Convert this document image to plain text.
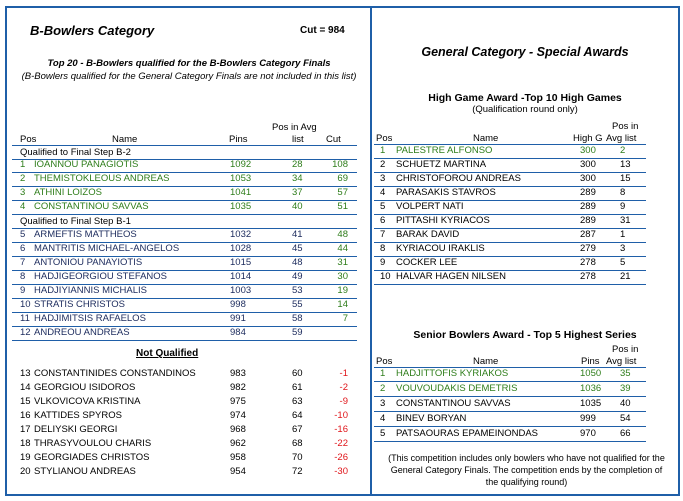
B-Bowlers Category	Cut = 984
Top 20 - B-Bowlers qualified for the B-Bowlers Category Finals
(B-Bowlers qualified for the General Category Finals are not included in this list)
Pos in Avg
Pos	Name	Pins	list Cut
Qualified to Final Step B-2
1 IOANNOU PANAGIOTIS	1092	28	108
2 THEMISTOKLEOUS ANDREAS	1053	34	69
3 ATHINI LOIZOS	1041	37	57
4 CONSTANTINOU SAVVAS	1035	40	51
Qualified to Final Step B-1
5 ARMEFTIS MATTHEOS	1032	41	48
6 MANTRITIS MICHAEL-ANGELOS	1028	45	44
7 ANTONIOU PANAYIOTIS	1015	48	31
8 HADJIGEORGIOU STEFANOS	1014	49	30
9 HADJIYIANNIS MICHALIS	1003	53	19
10 STRATIS CHRISTOS	998	55	14
11 HADJIMITSIS RAFAELOS	991	58	7
12 ANDREOU ANDREAS	984	59
Not Qualified
13 CONSTANTINIDES CONSTANDINOS	983	60	-1
14 GEORGIOU ISIDOROS	982	61	-2
15 VLKOVICOVA KRISTINA	975	63	-9
16 KATTIDES SPYROS	974	64	-10
17 DELIYSKI GEORGI	968	67	-16
18 THRASYVOULOU CHARIS	962	68	-22
19 GEORGIADES CHRISTOS	958	70	-26
20 STYLIANOU ANDREAS	954	72	-30
General Category - Special Awards
High Game Award -Top 10 High Games
(Qualification round only)
Pos in
Pos	Name	High G Avg list
1 PALESTRE ALFONSO	300	2
2 SCHUETZ MARTINA	300	13
3 CHRISTOFOROU ANDREAS	300	15
4 PARASAKIS STAVROS	289	8
5 VOLPERT NATI	289	9
6 PITTASHI KYRIACOS	289	31
7 BARAK DAVID	287	1
8 KYRIACOU IRAKLIS	279	3
9 COCKER LEE	278	5
10 HALVAR HAGEN NILSEN	278	21
Senior Bowlers Award - Top 5 Highest Series
Pos in
Pos	Name	Pins Avg list
1 HADJITTOFIS KYRIAKOS	1050 35
2 VOUVOUDAKIS DEMETRIS	1036 39
3 CONSTANTINOU SAVVAS	1035 40
4 BINEV BORYAN	999	54
5 PATSAOURAS EPAMEINONDAS	970	66
(This competition includes only bowlers who have not qualified for the General Category Finals. The competition ends by the completion of the qualifying round)
